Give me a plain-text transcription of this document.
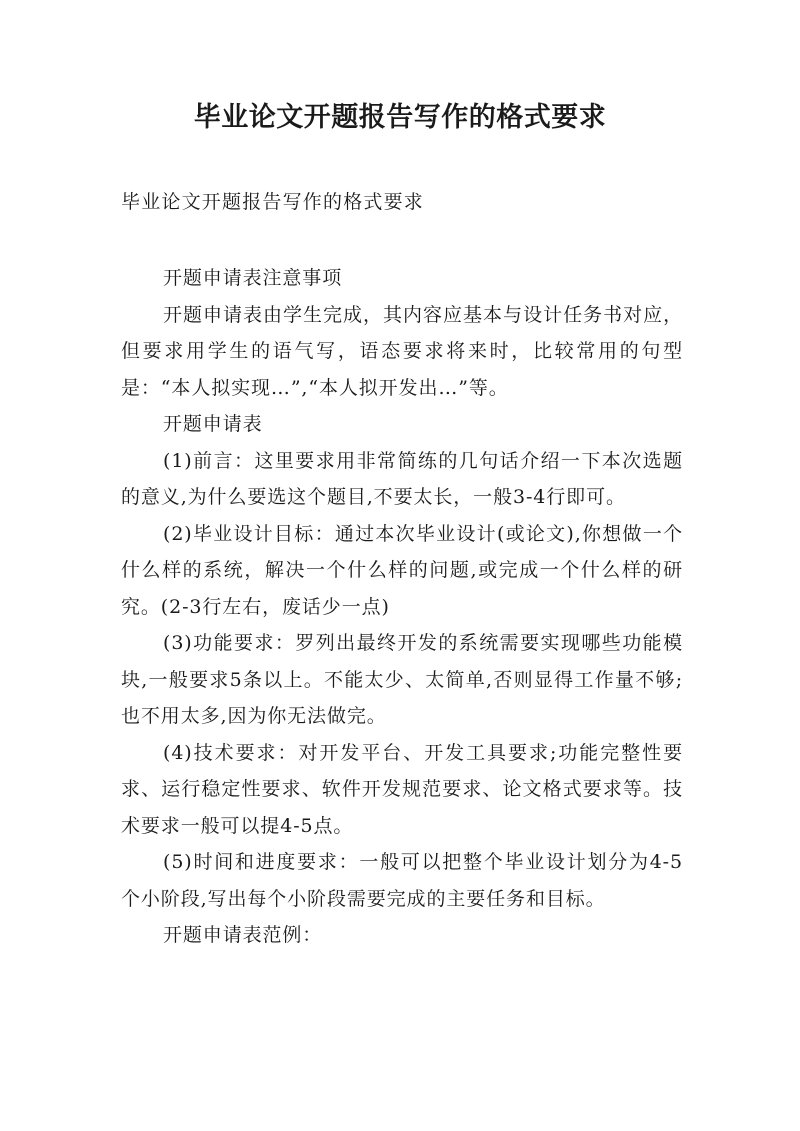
毕业论文开题报告写作的格式要求
毕业论文开题报告写作的格式要求

开题申请表注意事项

开题申请表由学生完成，其内容应基本与设计任务书对应，但要求用学生的语气写，语态要求将来时，比较常用的句型是：“本人拟实现…”,“本人拟开发出…”等。

开题申请表

(1)前言：这里要求用非常简练的几句话介绍一下本次选题的意义,为什么要选这个题目,不要太长，一般3-4行即可。

(2)毕业设计目标：通过本次毕业设计(或论文),你想做一个什么样的系统，解决一个什么样的问题,或完成一个什么样的研究。(2-3行左右，废话少一点)

(3)功能要求：罗列出最终开发的系统需要实现哪些功能模块,一般要求5条以上。不能太少、太简单,否则显得工作量不够;也不用太多,因为你无法做完。

(4)技术要求：对开发平台、开发工具要求;功能完整性要求、运行稳定性要求、软件开发规范要求、论文格式要求等。技术要求一般可以提4-5点。

(5)时间和进度要求：一般可以把整个毕业设计划分为4-5个小阶段,写出每个小阶段需要完成的主要任务和目标。

开题申请表范例：
